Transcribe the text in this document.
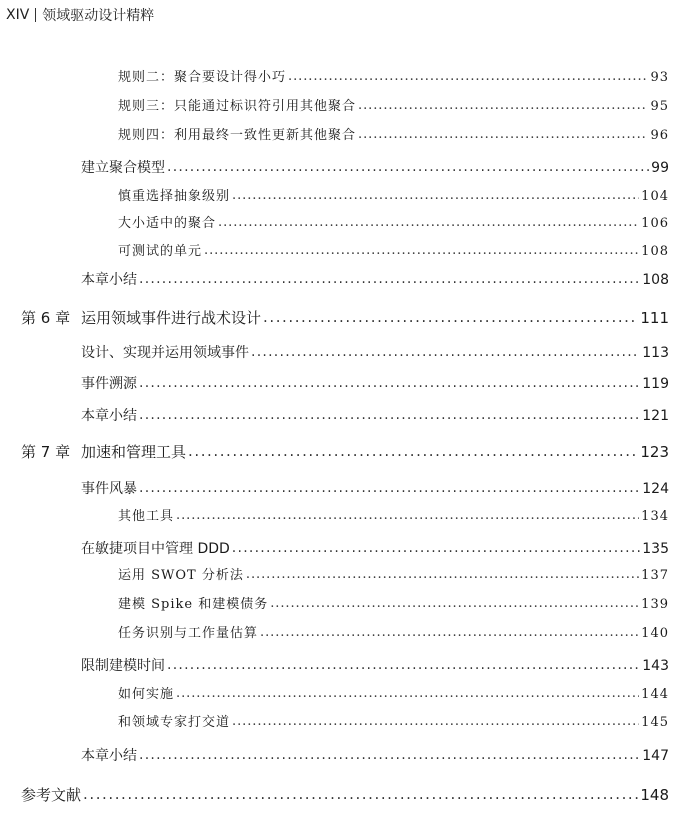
XIV 领域驱动设计精粹
规则二：聚合要设计得小巧 . . .	93
规则三：只能通过标识符引用其他聚合 . . .	95
规则四：利用最终一致性更新其他聚合 . . .	96
建立聚合模型 . . .	99
慎重选择抽象级别 . . .	104
大小适中的聚合 . . .	106
可测试的单元 . . .	108
本章小结 . . .	108
第 6 章 运用领域事件进行战术设计 . . .	111
设计、实现并运用领域事件 . . .	113
事件溯源 . . .	119
本章小结 . . .	121
第 7 章 加速和管理工具 . . .	123
事件风暴 . . .	124
其他工具 . . .	134
在敏捷项目中管理 DDD . . .	135
运用 SWOT 分析法 . . .	137
建模 Spike 和建模债务 . . .	139
任务识别与工作量估算 . . .	140
限制建模时间 . . .	143
如何实施 . . .	144
和领域专家打交道 . . .	145
本章小结 . . .	147
参考文献 . . .	148
